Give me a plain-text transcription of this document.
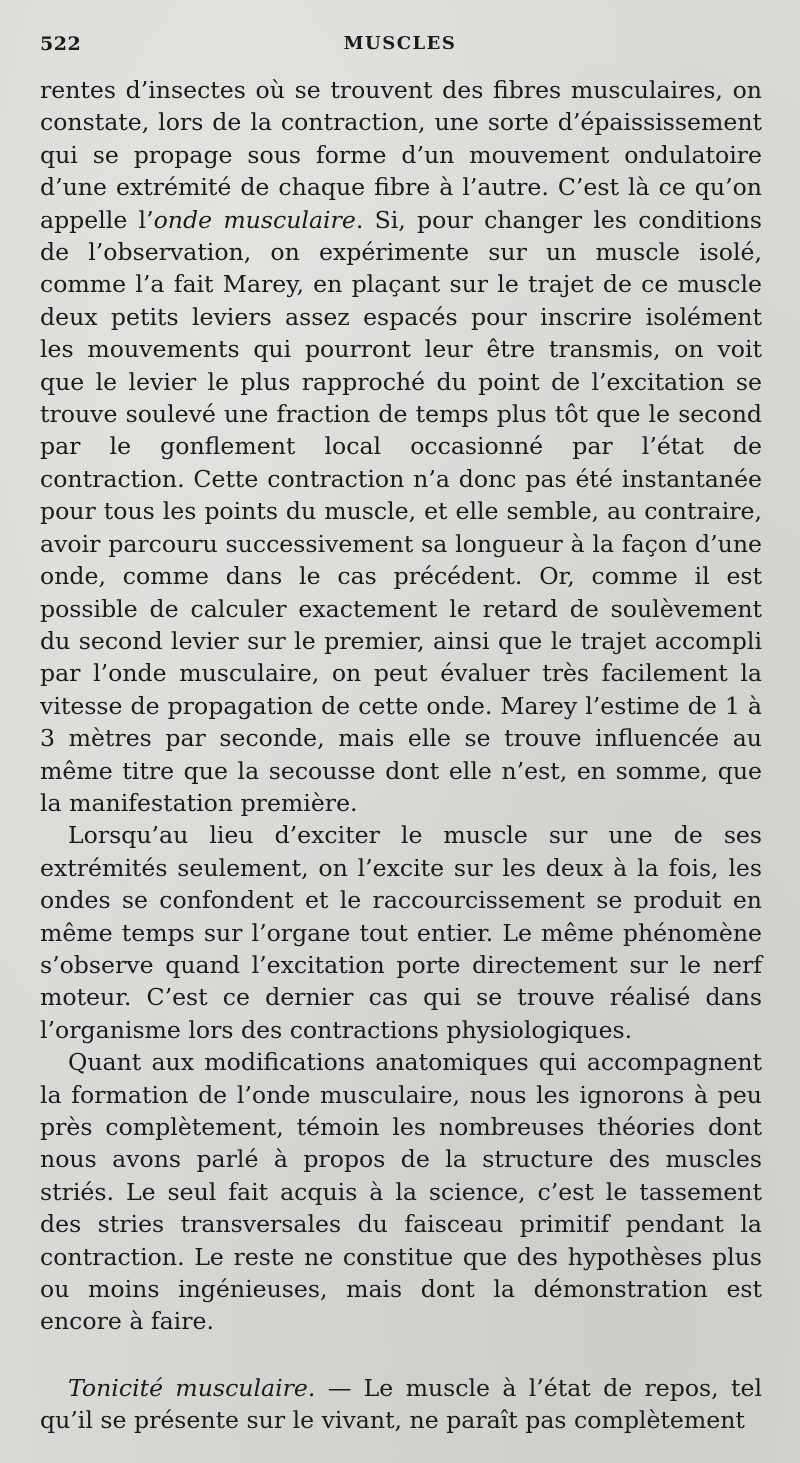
522	MUSCLES

rentes d’insectes où se trouvent des fibres musculaires, on constate, lors de la contraction, une sorte d’épaississement qui se propage sous forme d’un mouvement ondulatoire d’une extrémité de chaque fibre à l’autre. C’est là ce qu’on appelle l’onde musculaire. Si, pour changer les conditions de l’observation, on expérimente sur un muscle isolé, comme l’a fait Marey, en plaçant sur le trajet de ce muscle deux petits leviers assez espacés pour inscrire isolément les mouvements qui pourront leur être transmis, on voit que le levier le plus rapproché du point de l’excitation se trouve soulevé une fraction de temps plus tôt que le second par le gonflement local occasionné par l’état de contraction. Cette contraction n’a donc pas été instantanée pour tous les points du muscle, et elle semble, au contraire, avoir parcouru successivement sa longueur à la façon d’une onde, comme dans le cas précédent. Or, comme il est possible de calculer exactement le retard de soulèvement du second levier sur le premier, ainsi que le trajet accompli par l’onde musculaire, on peut évaluer très facilement la vitesse de propagation de cette onde. Marey l’estime de 1 à 3 mètres par seconde, mais elle se trouve influencée au même titre que la secousse dont elle n’est, en somme, que la manifestation première.

Lorsqu’au lieu d’exciter le muscle sur une de ses extrémités seulement, on l’excite sur les deux à la fois, les ondes se confondent et le raccourcissement se produit en même temps sur l’organe tout entier. Le même phénomène s’observe quand l’excitation porte directement sur le nerf moteur. C’est ce dernier cas qui se trouve réalisé dans l’organisme lors des contractions physiologiques.

Quant aux modifications anatomiques qui accompagnent la formation de l’onde musculaire, nous les ignorons à peu près complètement, témoin les nombreuses théories dont nous avons parlé à propos de la structure des muscles striés. Le seul fait acquis à la science, c’est le tassement des stries transversales du faisceau primitif pendant la contraction. Le reste ne constitue que des hypothèses plus ou moins ingénieuses, mais dont la démonstration est encore à faire.

Tonicité musculaire. — Le muscle à l’état de repos, tel qu’il se présente sur le vivant, ne paraît pas complètement
